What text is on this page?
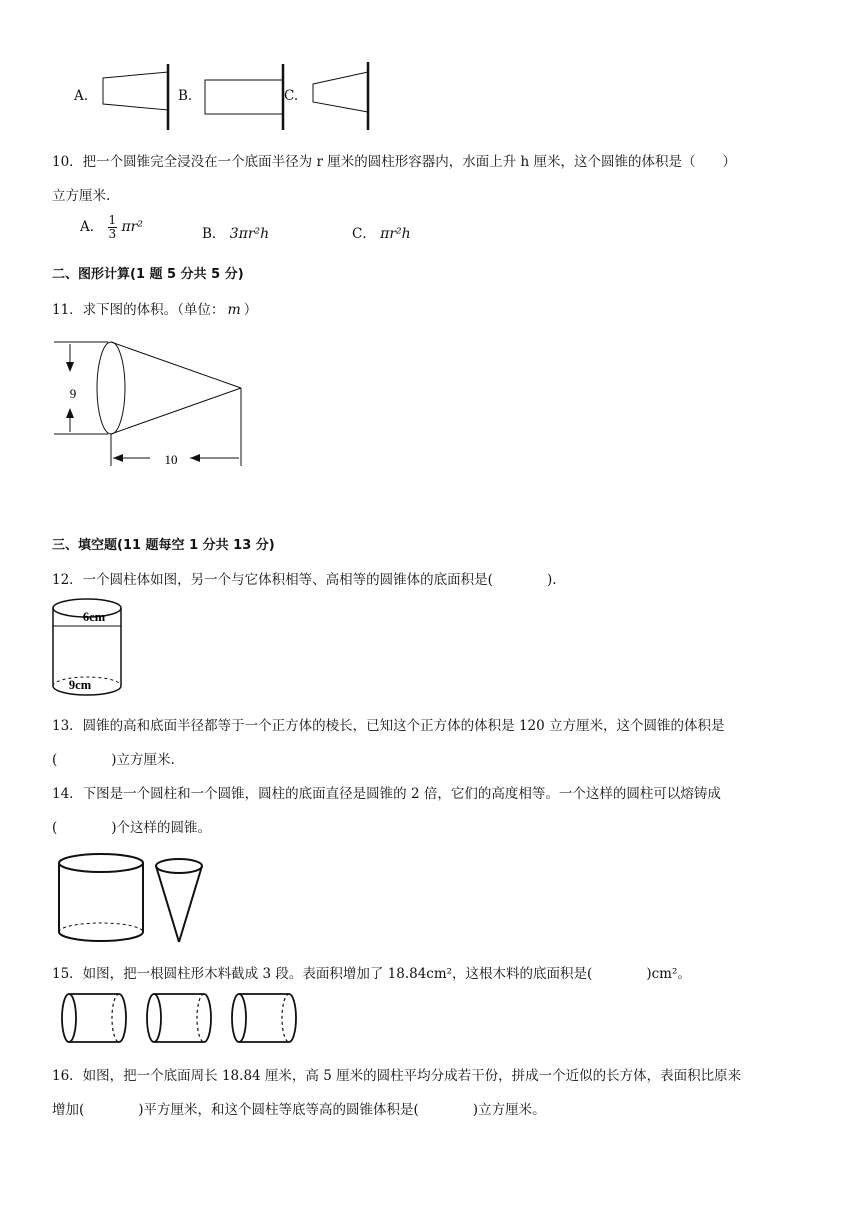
A.	B.	C.
10．把一个圆锥完全浸没在一个底面半径为 r 厘米的圆柱形容器内，水面上升 h 厘米，这个圆锥的体积是（　　）
立方厘米.
A． $\frac{1}{3} \pi r^2$	B． 3πr²h	C． πr²h
二、图形计算(1 题 5 分共 5 分)
11．求下图的体积。（单位： m ）
9
10
三、填空题(11 题每空 1 分共 13 分)
12．一个圆柱体如图，另一个与它体积相等、高相等的圆锥体的底面积是(　　　　).
6cm
9cm
13．圆锥的高和底面半径都等于一个正方体的棱长，已知这个正方体的体积是 120 立方厘米，这个圆锥的体积是
(　　　　)立方厘米.
14．下图是一个圆柱和一个圆锥，圆柱的底面直径是圆锥的 2 倍，它们的高度相等。一个这样的圆柱可以熔铸成
(　　　　)个这样的圆锥。
15．如图，把一根圆柱形木料截成 3 段。表面积增加了 18.84cm²，这根木料的底面积是(　　　　)cm²。
16．如图，把一个底面周长 18.84 厘米，高 5 厘米的圆柱平均分成若干份，拼成一个近似的长方体，表面积比原来
增加(　　　　)平方厘米，和这个圆柱等底等高的圆锥体积是(　　　　)立方厘米。
